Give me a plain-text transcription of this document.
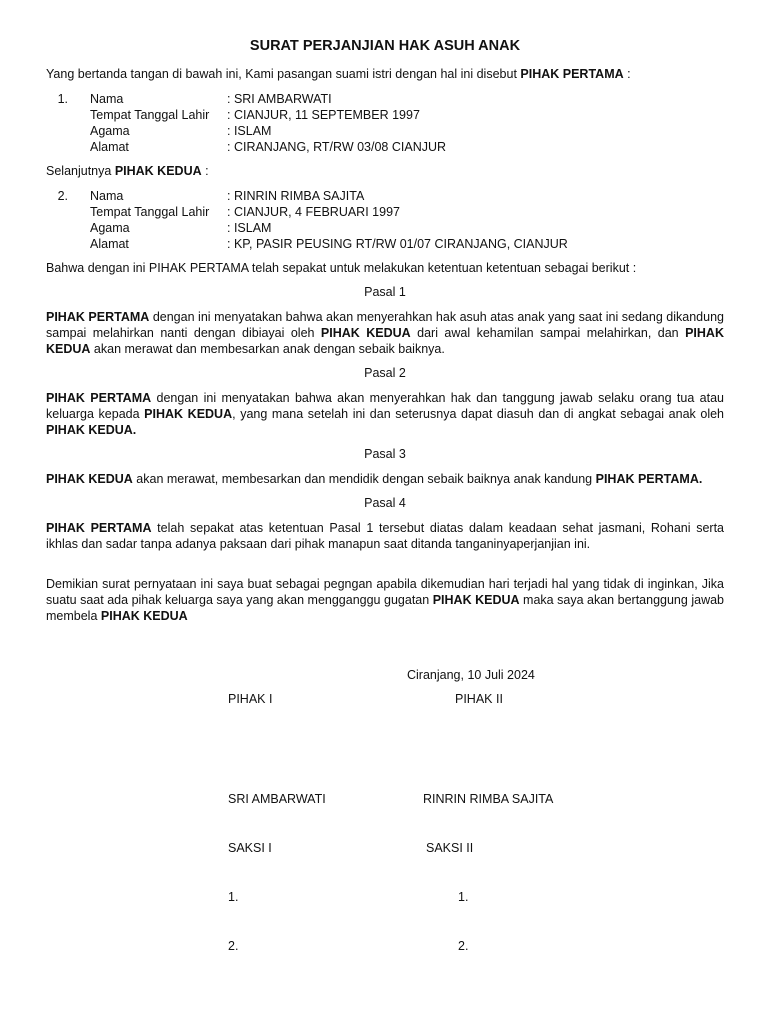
SURAT PERJANJIAN HAK ASUH ANAK

Yang bertanda tangan di bawah ini, Kami pasangan suami istri dengan hal ini disebut PIHAK PERTAMA :

1. Nama	: SRI AMBARWATI
Tempat Tanggal Lahir	: CIANJUR, 11 SEPTEMBER 1997
Agama	: ISLAM
Alamat	: CIRANJANG, RT/RW 03/08 CIANJUR

Selanjutnya PIHAK KEDUA :

2. Nama	: RINRIN RIMBA SAJITA
Tempat Tanggal Lahir	: CIANJUR, 4 FEBRUARI 1997
Agama	: ISLAM
Alamat	: KP, PASIR PEUSING RT/RW 01/07 CIRANJANG, CIANJUR

Bahwa dengan ini PIHAK PERTAMA telah sepakat untuk melakukan ketentuan ketentuan sebagai berikut :

Pasal 1

PIHAK PERTAMA dengan ini menyatakan bahwa akan menyerahkan hak asuh atas anak yang saat ini sedang dikandung sampai melahirkan nanti dengan dibiayai oleh PIHAK KEDUA dari awal kehamilan sampai melahirkan, dan PIHAK KEDUA akan merawat dan membesarkan anak dengan sebaik baiknya.

Pasal 2

PIHAK PERTAMA dengan ini menyatakan bahwa akan menyerahkan hak dan tanggung jawab selaku orang tua atau keluarga kepada PIHAK KEDUA, yang mana setelah ini dan seterusnya dapat diasuh dan di angkat sebagai anak oleh PIHAK KEDUA.

Pasal 3

PIHAK KEDUA akan merawat, membesarkan dan mendidik dengan sebaik baiknya anak kandung PIHAK PERTAMA.

Pasal 4

PIHAK PERTAMA telah sepakat atas ketentuan Pasal 1 tersebut diatas dalam keadaan sehat jasmani, Rohani serta ikhlas dan sadar tanpa adanya paksaan dari pihak manapun saat ditanda tanganinyaperjanjian ini.

Demikian surat pernyataan ini saya buat sebagai pegngan apabila dikemudian hari terjadi hal yang tidak di inginkan, Jika suatu saat ada pihak keluarga saya yang akan mengganggu gugatan PIHAK KEDUA maka saya akan bertanggung jawab membela PIHAK KEDUA

Ciranjang, 10 Juli 2024
PIHAK I	PIHAK II
SRI AMBARWATI	RINRIN RIMBA SAJITA
SAKSI I	SAKSI II
1.	1.
2.	2.
